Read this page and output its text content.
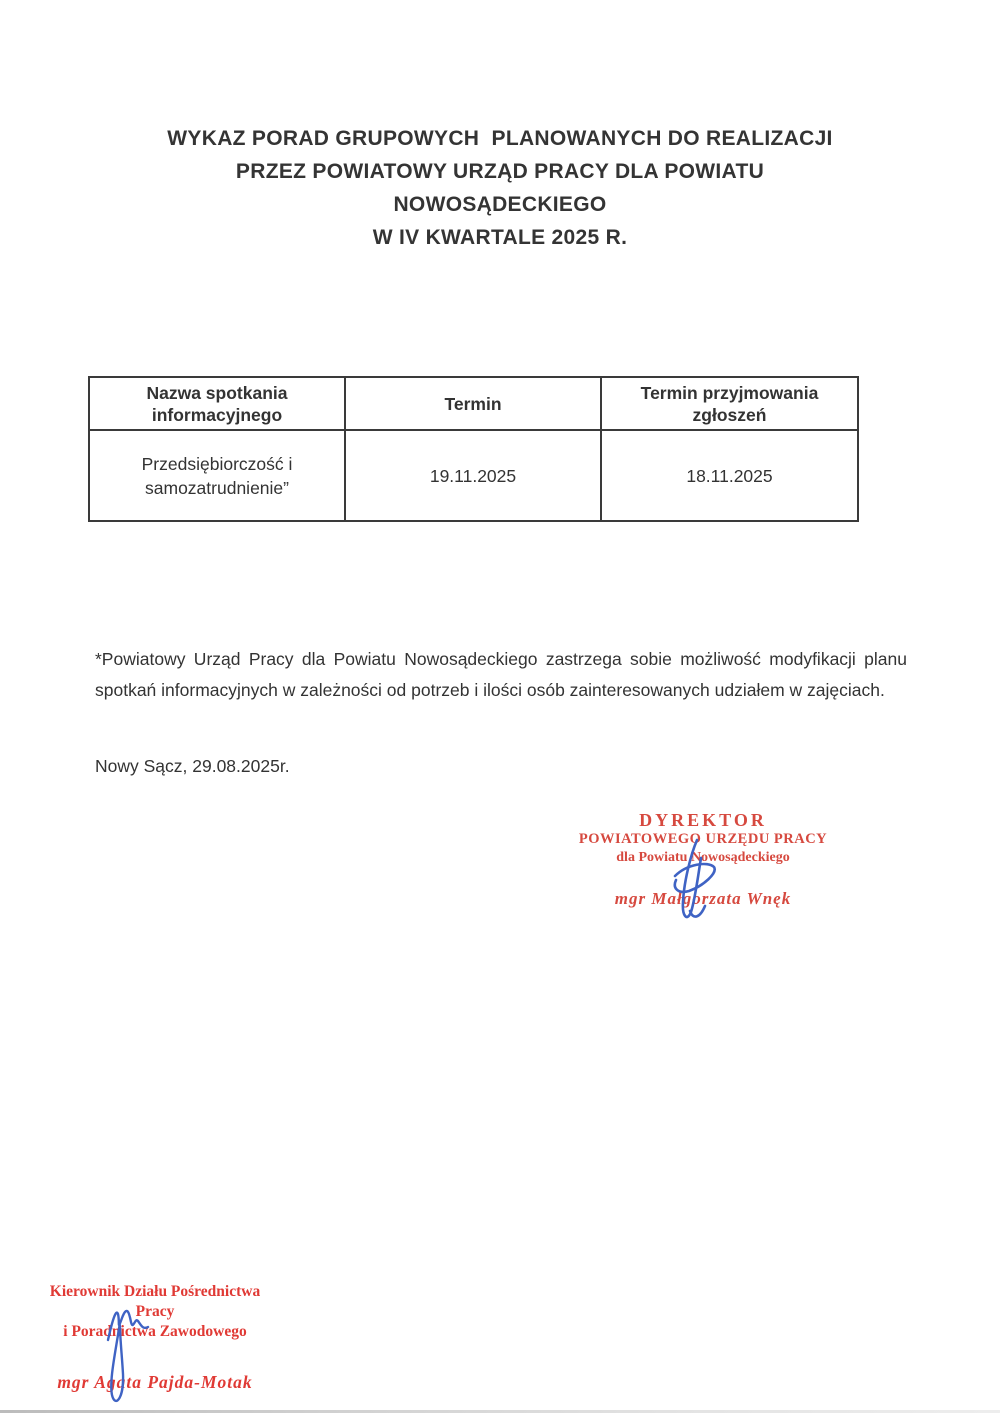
WYKAZ PORAD GRUPOWYCH  PLANOWANYCH DO REALIZACJI
PRZEZ POWIATOWY URZĄD PRACY DLA POWIATU
NOWOSĄDECKIEGO
W IV KWARTALE 2025 R.
Nazwa spotkania informacyjnego	Termin	Termin przyjmowania zgłoszeń
Przedsiębiorczość i samozatrudnienie”	19.11.2025	18.11.2025

*Powiatowy Urząd Pracy dla Powiatu Nowosądeckiego zastrzega sobie możliwość modyfikacji planu spotkań informacyjnych w zależności od potrzeb i ilości osób zainteresowanych udziałem w zajęciach.

Nowy Sącz, 29.08.2025r.

DYREKTOR
POWIATOWEGO URZĘDU PRACY
dla Powiatu Nowosądeckiego
mgr Małgorzata Wnęk
Kierownik Działu Pośrednictwa Pracy
i Poradnictwa Zawodowego
mgr Agata Pajda-Motak
